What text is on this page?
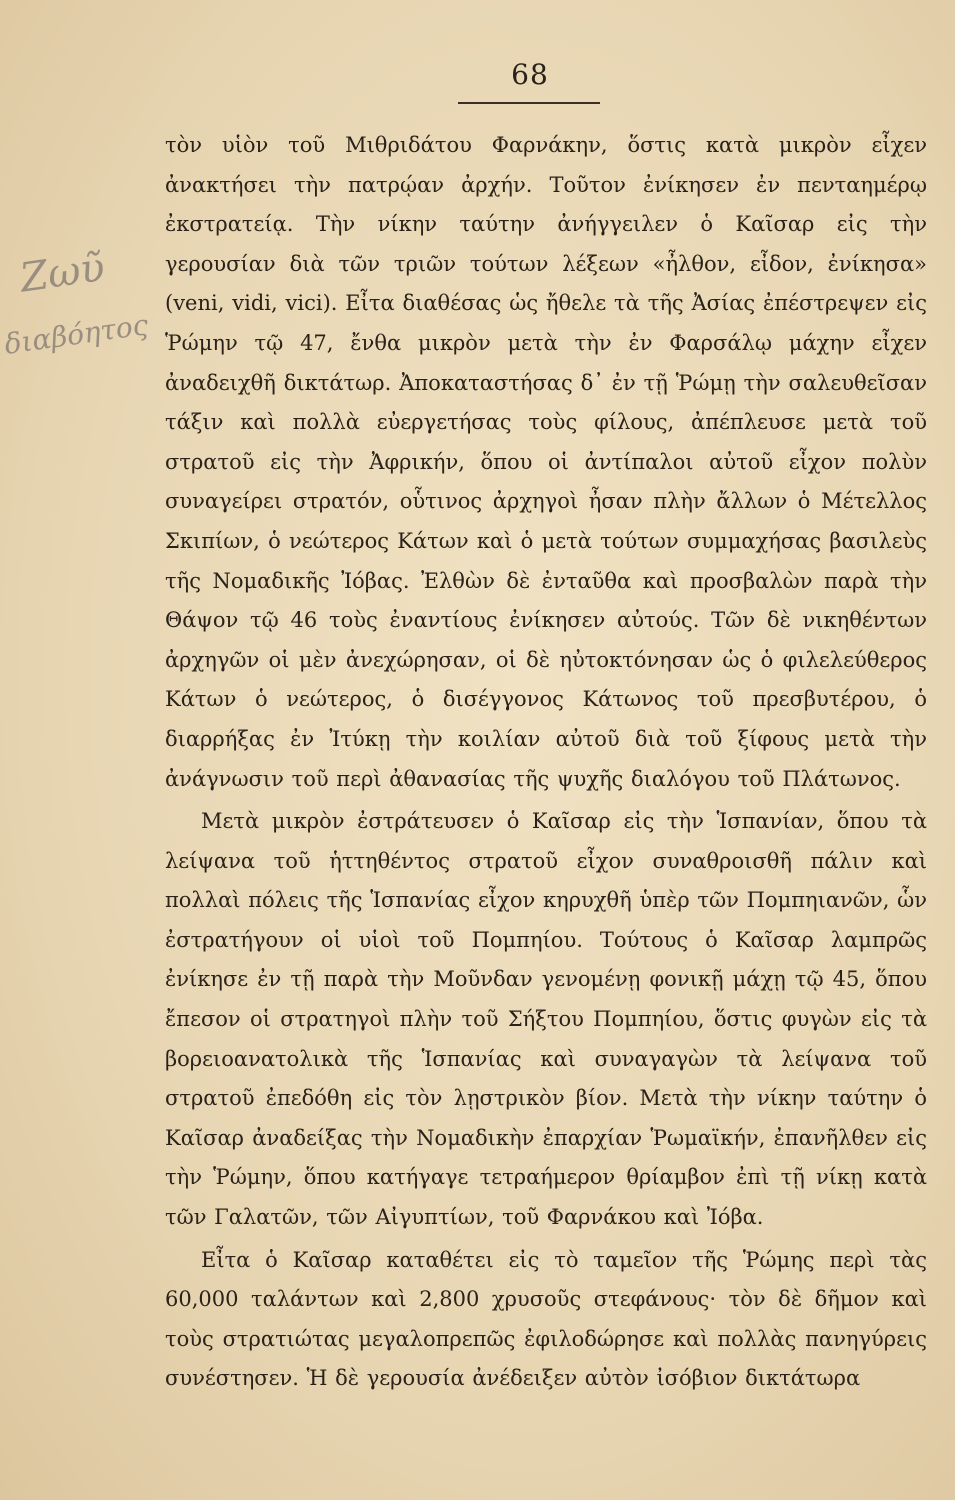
68
Ζωῦ
διαβόητος

τὸν υἱὸν τοῦ Μιθριδάτου Φαρνάκην, ὅστις κατὰ μικρὸν εἶχεν ἀνακτήσει τὴν πατρῴαν ἀρχήν. Τοῦτον ἐνίκησεν ἐν πενταημέρῳ ἐκστρατείᾳ. Τὴν νίκην ταύτην ἀνήγγειλεν ὁ Καῖσαρ εἰς τὴν γερουσίαν διὰ τῶν τριῶν τούτων λέξεων «ἦλθον, εἶδον, ἐνίκησα» (veni, vidi, vici). Εἶτα διαθέσας ὡς ἤθελε τὰ τῆς Ἀσίας ἐπέστρεψεν εἰς Ῥώμην τῷ 47, ἔνθα μικρὸν μετὰ τὴν ἐν Φαρσάλῳ μάχην εἶχεν ἀναδειχθῆ δικτάτωρ. Ἀποκαταστήσας δ᾽ ἐν τῇ Ῥώμῃ τὴν σαλευθεῖσαν τάξιν καὶ πολλὰ εὐεργετήσας τοὺς φίλους, ἀπέπλευσε μετὰ τοῦ στρατοῦ εἰς τὴν Ἀφρικήν, ὅπου οἱ ἀντίπαλοι αὐτοῦ εἶχον πολὺν συναγείρει στρατόν, οὗτινος ἀρχηγοὶ ἦσαν πλὴν ἄλλων ὁ Μέτελλος Σκιπίων, ὁ νεώτερος Κάτων καὶ ὁ μετὰ τούτων συμμαχήσας βασιλεὺς τῆς Νομαδικῆς Ἰόβας. Ἐλθὼν δὲ ἐνταῦθα καὶ προσβαλὼν παρὰ τὴν Θάψον τῷ 46 τοὺς ἐναντίους ἐνίκησεν αὐτούς. Τῶν δὲ νικηθέντων ἀρχηγῶν οἱ μὲν ἀνεχώρησαν, οἱ δὲ ηὐτοκτόνησαν ὡς ὁ φιλελεύθερος Κάτων ὁ νεώτερος, ὁ δισέγγονος Κάτωνος τοῦ πρεσβυτέρου, ὁ διαρρήξας ἐν Ἰτύκῃ τὴν κοιλίαν αὐτοῦ διὰ τοῦ ξίφους μετὰ τὴν ἀνάγνωσιν τοῦ περὶ ἀθανασίας τῆς ψυχῆς διαλόγου τοῦ Πλάτωνος.

Μετὰ μικρὸν ἐστράτευσεν ὁ Καῖσαρ εἰς τὴν Ἱσπανίαν, ὅπου τὰ λείψανα τοῦ ἡττηθέντος στρατοῦ εἶχον συναθροισθῆ πάλιν καὶ πολλαὶ πόλεις τῆς Ἱσπανίας εἶχον κηρυχθῆ ὑπὲρ τῶν Πομπηιανῶν, ὧν ἐστρατήγουν οἱ υἱοὶ τοῦ Πομπηίου. Τούτους ὁ Καῖσαρ λαμπρῶς ἐνίκησε ἐν τῇ παρὰ τὴν Μοῦνδαν γενομένῃ φονικῇ μάχῃ τῷ 45, ὅπου ἔπεσον οἱ στρατηγοὶ πλὴν τοῦ Σήξτου Πομπηίου, ὅστις φυγὼν εἰς τὰ βορειοανατολικὰ τῆς Ἱσπανίας καὶ συναγαγὼν τὰ λείψανα τοῦ στρατοῦ ἐπεδόθη εἰς τὸν λῃστρικὸν βίον. Μετὰ τὴν νίκην ταύτην ὁ Καῖσαρ ἀναδείξας τὴν Νομαδικὴν ἐπαρχίαν Ῥωμαϊκήν, ἐπανῆλθεν εἰς τὴν Ῥώμην, ὅπου κατήγαγε τετραήμερον θρίαμβον ἐπὶ τῇ νίκῃ κατὰ τῶν Γαλατῶν, τῶν Αἰγυπτίων, τοῦ Φαρνάκου καὶ Ἰόβα.

Εἶτα ὁ Καῖσαρ καταθέτει εἰς τὸ ταμεῖον τῆς Ῥώμης περὶ τὰς 60,000 ταλάντων καὶ 2,800 χρυσοῦς στεφάνους· τὸν δὲ δῆμον καὶ τοὺς στρατιώτας μεγαλοπρεπῶς ἐφιλοδώρησε καὶ πολλὰς πανηγύρεις συνέστησεν. Ἡ δὲ γερουσία ἀνέδειξεν αὐτὸν ἰσόβιον δικτάτωρα
